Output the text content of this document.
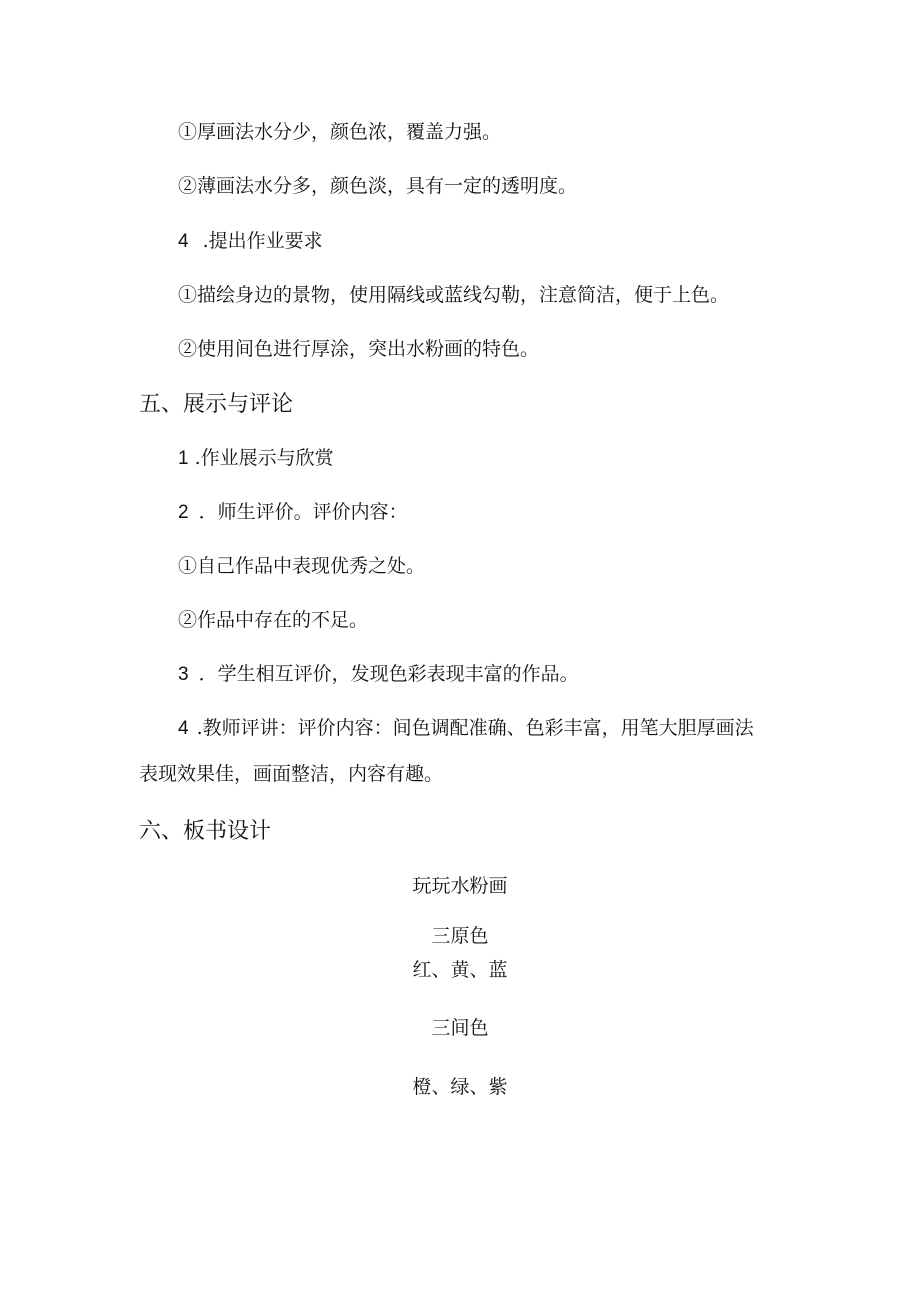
①厚画法水分少，颜色浓，覆盖力强。

②薄画法水分多，颜色淡，具有一定的透明度。

4 .提出作业要求

①描绘身边的景物，使用隔线或蓝线勾勒，注意简洁，便于上色。

②使用间色进行厚涂，突出水粉画的特色。

五、展示与评论

1 .作业展示与欣赏

2 ．师生评价。评价内容：

①自己作品中表现优秀之处。

②作品中存在的不足。

3 ．学生相互评价，发现色彩表现丰富的作品。

4 .教师评讲：评价内容：间色调配准确、色彩丰富，用笔大胆厚画法

表现效果佳，画面整洁，内容有趣。

六、板书设计

玩玩水粉画

三原色

红、黄、蓝

三间色

橙、绿、紫
